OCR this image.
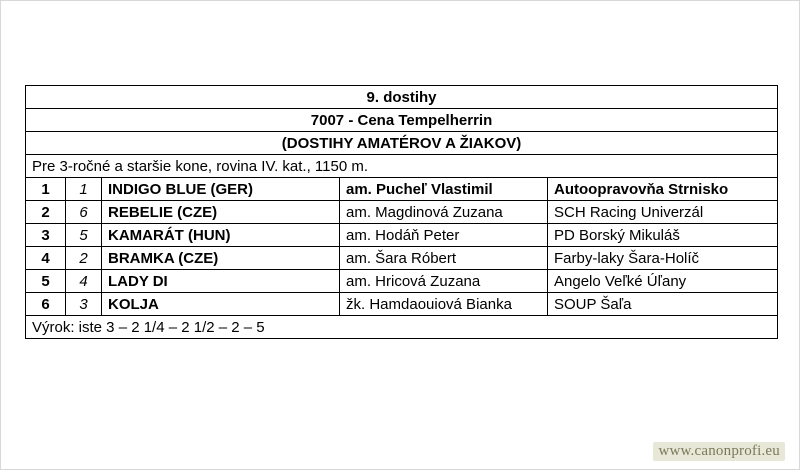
9. dostihy				
7007 - Cena Tempelherrin				
(DOSTIHY AMATÉROV A ŽIAKOV)				
Pre 3-ročné a staršie kone, rovina IV. kat., 1150 m.				
1	1	INDIGO BLUE (GER)	am. Pucheľ Vlastimil	Autoopravovňa Strnisko
2	6	REBELIE (CZE)	am. Magdinová Zuzana	SCH Racing Univerzál
3	5	KAMARÁT (HUN)	am. Hodáň Peter	PD Borský Mikuláš
4	2	BRAMKA (CZE)	am. Šara Róbert	Farby-laky Šara-Holíč
5	4	LADY DI	am. Hricová Zuzana	Angelo Veľké Úľany
6	3	KOLJA	žk. Hamdaouiová Bianka	SOUP Šaľa
Výrok: iste 3 – 2 1/4 – 2 1/2 – 2 – 5				
www.canonprofi.eu
